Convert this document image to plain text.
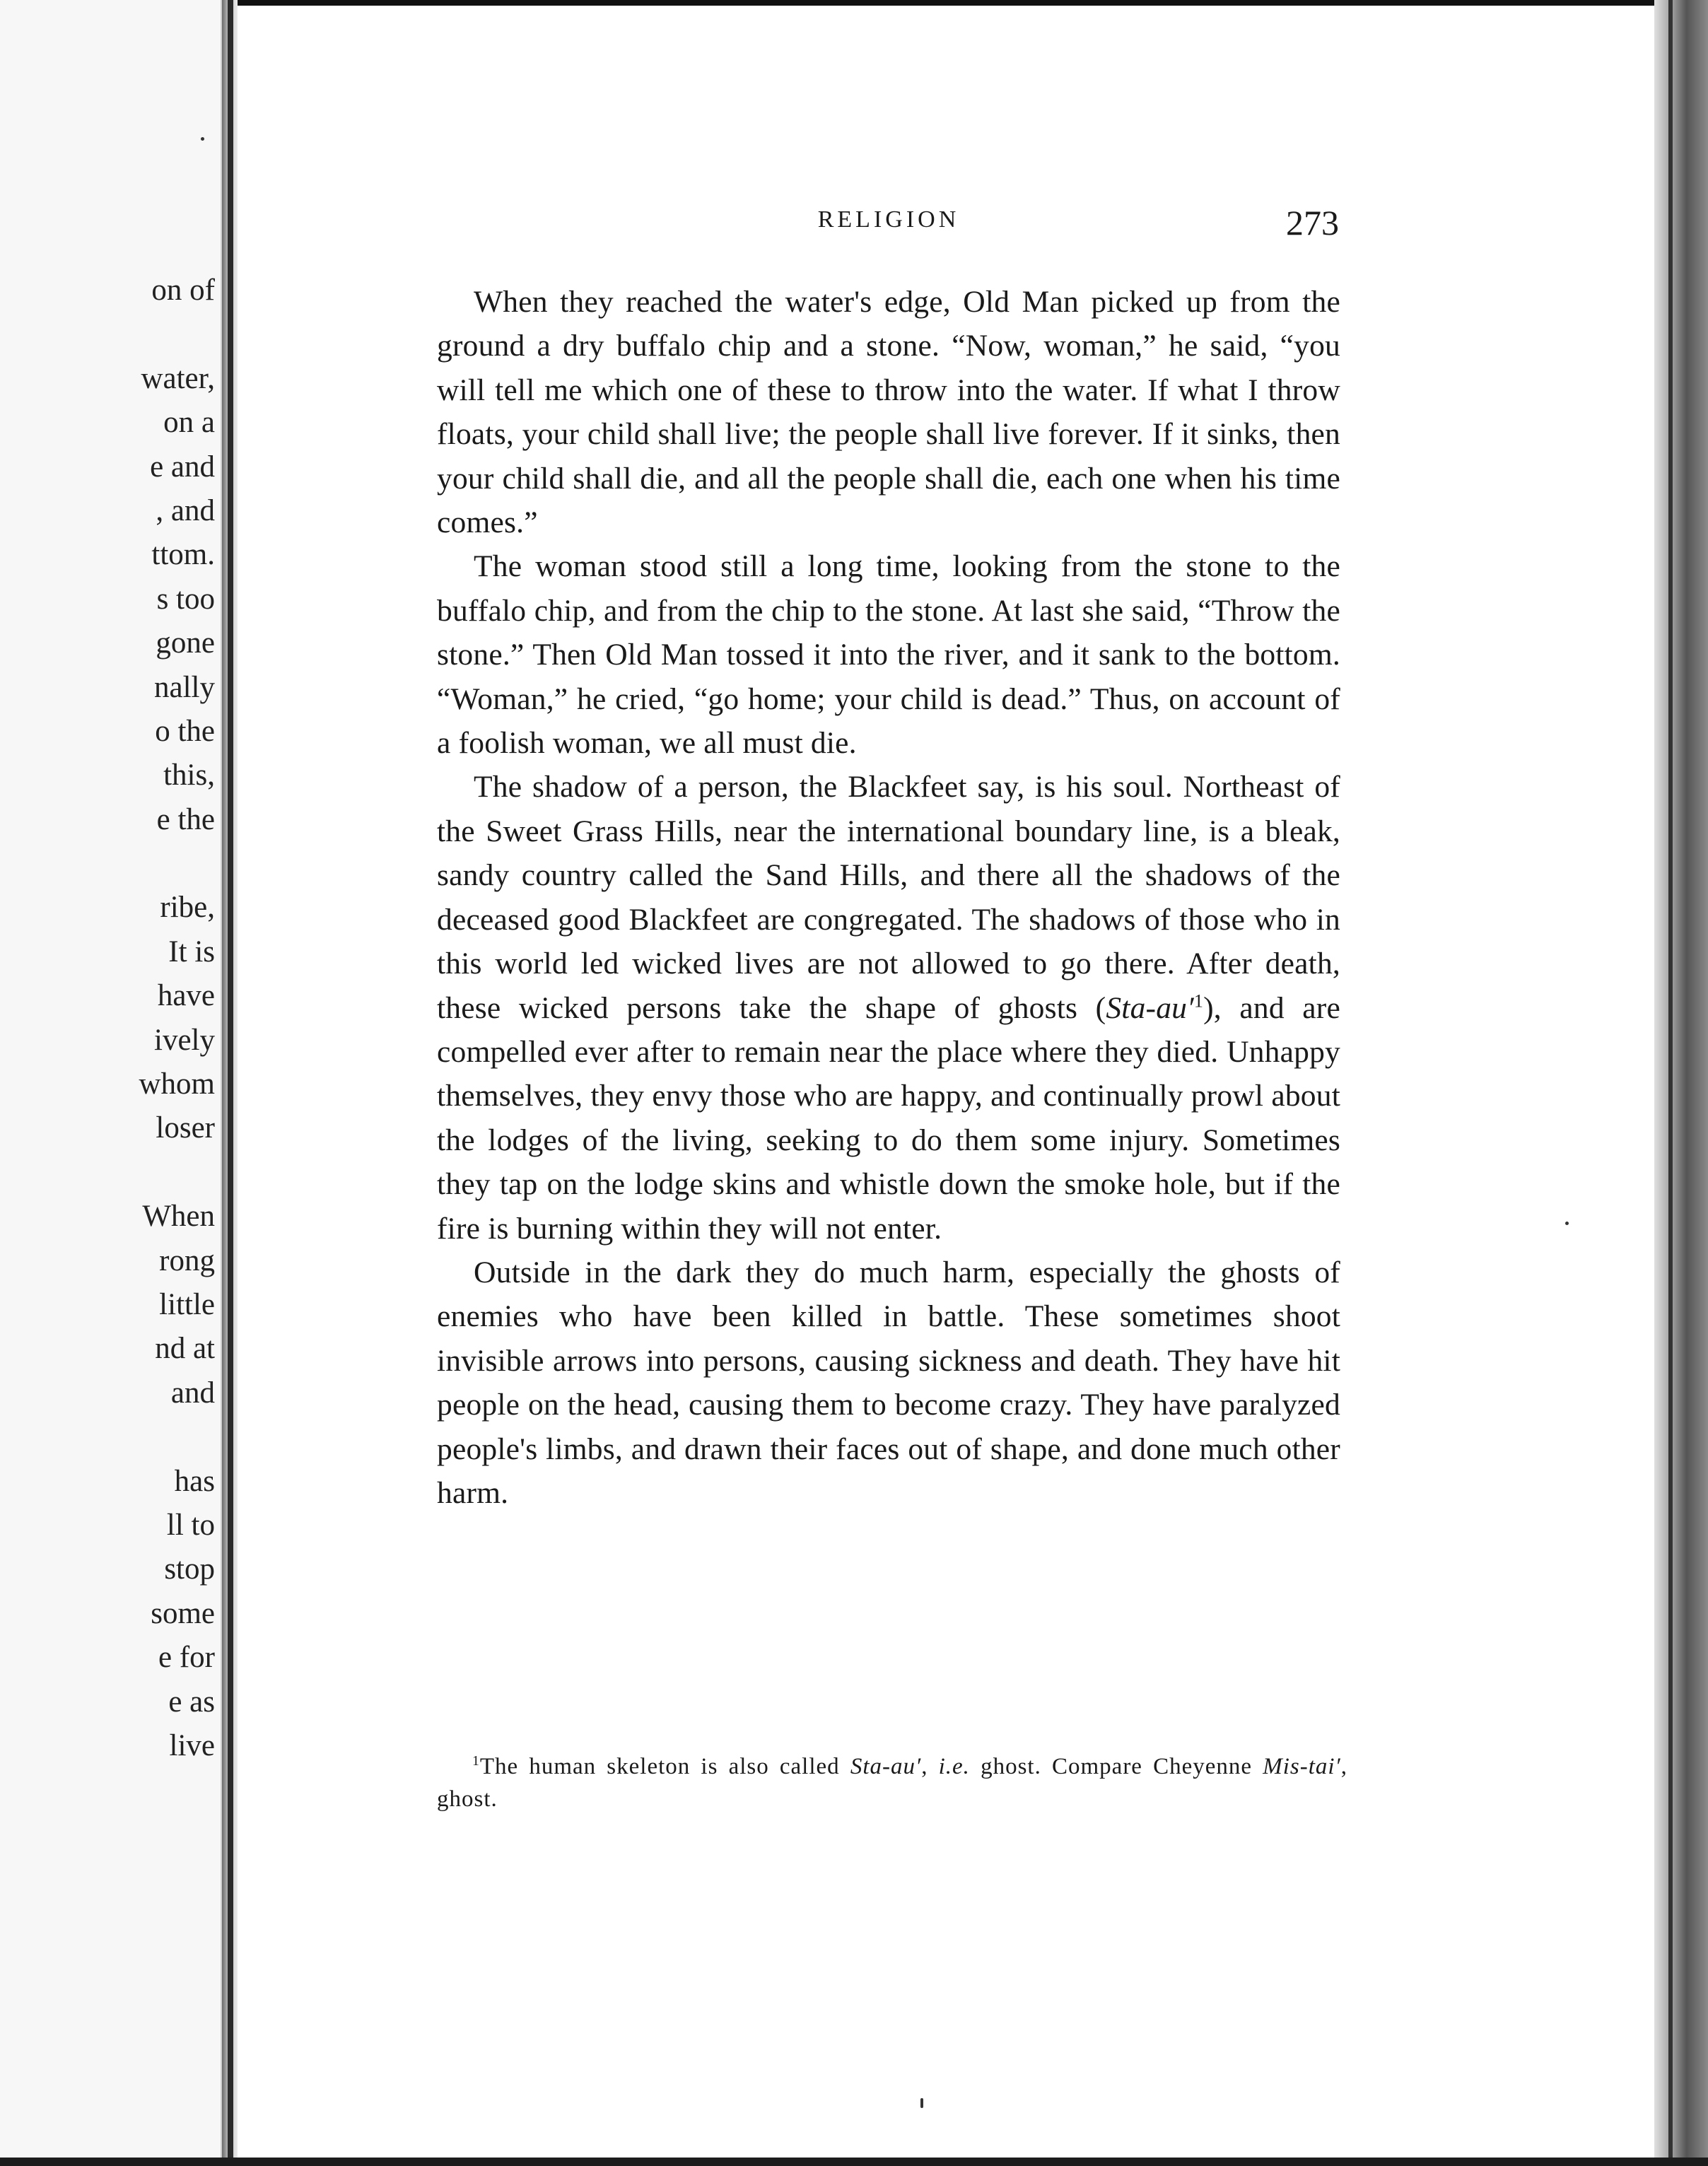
on of
water,
on a
e and
, and
ttom.
s too
gone
nally
o the
this,
e the
ribe,
It is
have
ively
whom
loser
When
rong
little
nd at
and
has
ll to
stop
some
e for
e as
live
RELIGION	273

When they reached the water's edge, Old Man picked up from the ground a dry buffalo chip and a stone. “Now, woman,” he said, “you will tell me which one of these to throw into the water. If what I throw floats, your child shall live; the people shall live forever. If it sinks, then your child shall die, and all the people shall die, each one when his time comes.”

The woman stood still a long time, looking from the stone to the buffalo chip, and from the chip to the stone. At last she said, “Throw the stone.” Then Old Man tossed it into the river, and it sank to the bottom. “Woman,” he cried, “go home; your child is dead.” Thus, on account of a foolish woman, we all must die.

The shadow of a person, the Blackfeet say, is his soul. Northeast of the Sweet Grass Hills, near the international boundary line, is a bleak, sandy country called the Sand Hills, and there all the shadows of the deceased good Blackfeet are congregated. The shadows of those who in this world led wicked lives are not allowed to go there. After death, these wicked persons take the shape of ghosts $(Sta-au'^1)$, and are compelled ever after to remain near the place where they died. Unhappy themselves, they envy those who are happy, and continually prowl about the lodges of the living, seeking to do them some injury. Sometimes they tap on the lodge skins and whistle down the smoke hole, but if the fire is burning within they will not enter.

Outside in the dark they do much harm, especially the ghosts of enemies who have been killed in battle. These sometimes shoot invisible arrows into persons, causing sickness and death. They have hit people on the head, causing them to become crazy. They have paralyzed people's limbs, and drawn their faces out of shape, and done much other harm.

$^1$The human skeleton is also called Sta-au′, i.e. ghost. Compare Cheyenne Mis-tai′, ghost.
